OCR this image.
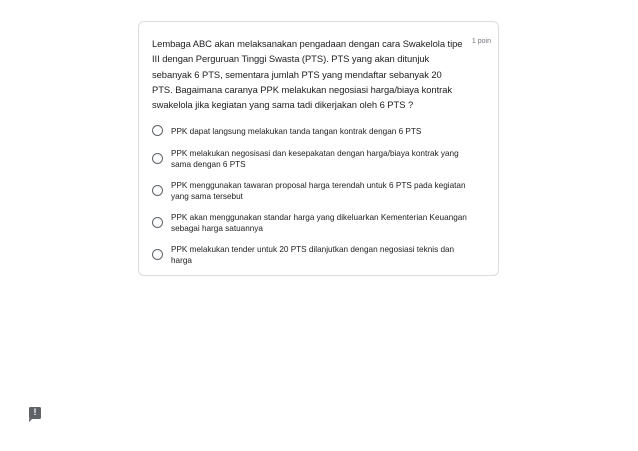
Lembaga ABC akan melaksanakan pengadaan dengan cara Swakelola tipe III dengan Perguruan Tinggi Swasta (PTS). PTS yang akan ditunjuk sebanyak 6 PTS, sementara jumlah PTS yang mendaftar sebanyak 20 PTS. Bagaimana caranya PPK melakukan negosiasi harga/biaya kontrak swakelola jika kegiatan yang sama tadi dikerjakan oleh 6 PTS ?
1 poin
PPK dapat langsung melakukan tanda tangan kontrak dengan 6 PTS
PPK melakukan negosisasi dan kesepakatan dengan harga/biaya kontrak yang sama dengan 6 PTS
PPK menggunakan tawaran proposal harga terendah untuk 6 PTS pada kegiatan yang sama tersebut
PPK akan menggunakan standar harga yang dikeluarkan Kementerian Keuangan sebagai harga satuannya
PPK melakukan tender untuk 20 PTS dilanjutkan dengan negosiasi teknis dan harga
!
